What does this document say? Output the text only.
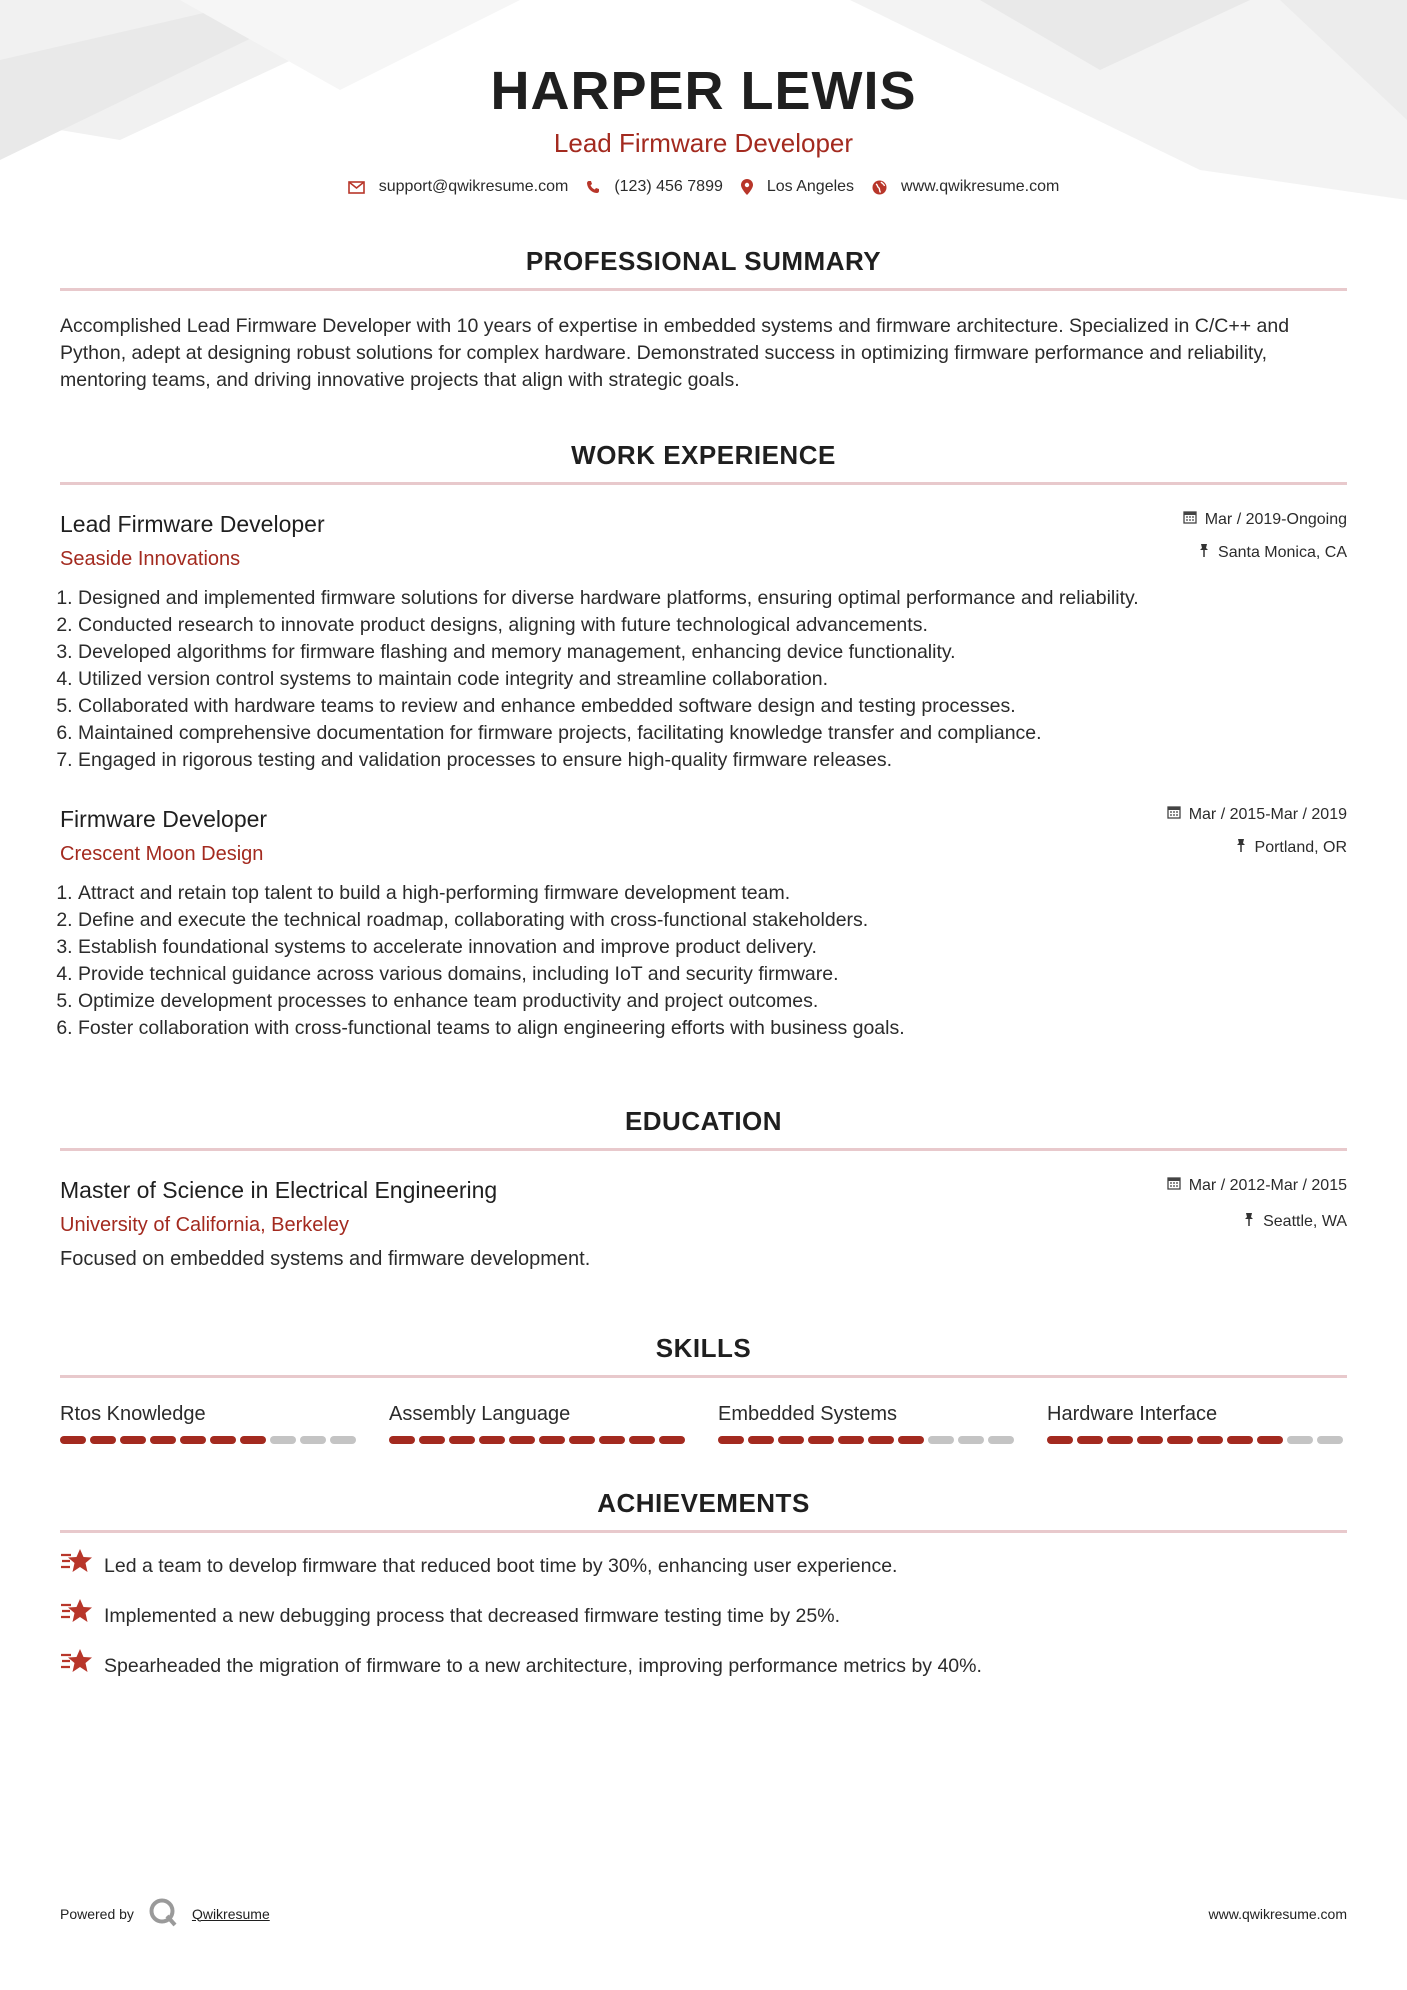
HARPER LEWIS
Lead Firmware Developer
support@qwikresume.com	(123) 456 7899	Los Angeles	www.qwikresume.com
PROFESSIONAL SUMMARY
Accomplished Lead Firmware Developer with 10 years of expertise in embedded systems and firmware architecture. Specialized in C/C++ and Python, adept at designing robust solutions for complex hardware. Demonstrated success in optimizing firmware performance and reliability, mentoring teams, and driving innovative projects that align with strategic goals.
WORK EXPERIENCE
Lead Firmware Developer
Seaside Innovations
Mar / 2019-Ongoing
Santa Monica, CA
1. Designed and implemented firmware solutions for diverse hardware platforms, ensuring optimal performance and reliability.
2. Conducted research to innovate product designs, aligning with future technological advancements.
3. Developed algorithms for firmware flashing and memory management, enhancing device functionality.
4. Utilized version control systems to maintain code integrity and streamline collaboration.
5. Collaborated with hardware teams to review and enhance embedded software design and testing processes.
6. Maintained comprehensive documentation for firmware projects, facilitating knowledge transfer and compliance.
7. Engaged in rigorous testing and validation processes to ensure high-quality firmware releases.
Firmware Developer
Crescent Moon Design
Mar / 2015-Mar / 2019
Portland, OR
1. Attract and retain top talent to build a high-performing firmware development team.
2. Define and execute the technical roadmap, collaborating with cross-functional stakeholders.
3. Establish foundational systems to accelerate innovation and improve product delivery.
4. Provide technical guidance across various domains, including IoT and security firmware.
5. Optimize development processes to enhance team productivity and project outcomes.
6. Foster collaboration with cross-functional teams to align engineering efforts with business goals.
EDUCATION
Master of Science in Electrical Engineering
University of California, Berkeley
Mar / 2012-Mar / 2015
Seattle, WA
Focused on embedded systems and firmware development.
SKILLS
Rtos Knowledge	Assembly Language	Embedded Systems	Hardware Interface
ACHIEVEMENTS
Led a team to develop firmware that reduced boot time by 30%, enhancing user experience.
Implemented a new debugging process that decreased firmware testing time by 25%.
Spearheaded the migration of firmware to a new architecture, improving performance metrics by 40%.
Powered by	Qwikresume	www.qwikresume.com
